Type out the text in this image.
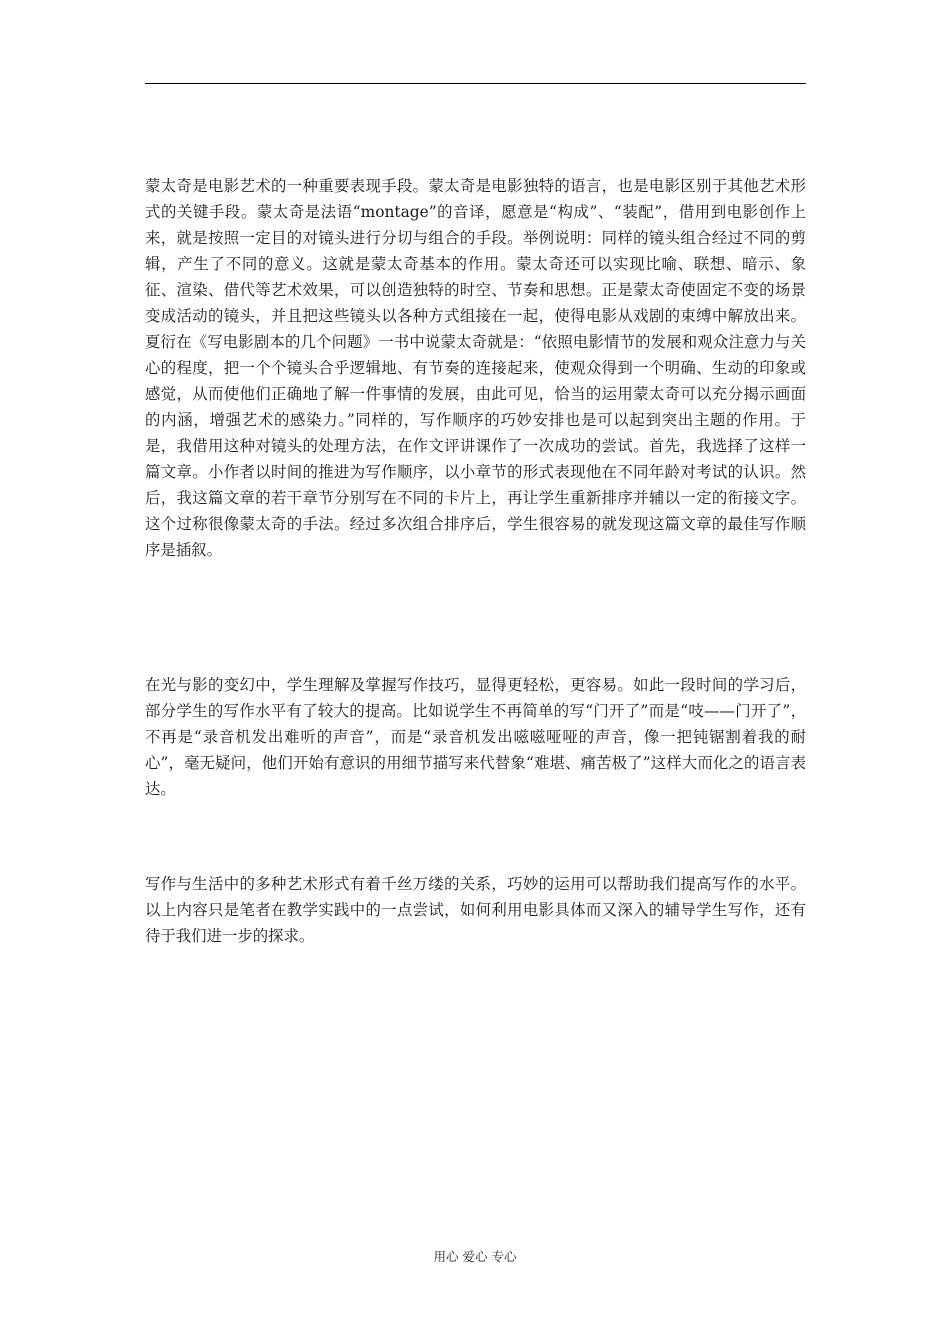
蒙太奇是电影艺术的一种重要表现手段。蒙太奇是电影独特的语言，也是电影区别于其他艺术形式的关键手段。蒙太奇是法语“montage”的音译，愿意是“构成”、“装配”，借用到电影创作上来，就是按照一定目的对镜头进行分切与组合的手段。举例说明：同样的镜头组合经过不同的剪辑，产生了不同的意义。这就是蒙太奇基本的作用。蒙太奇还可以实现比喻、联想、暗示、象征、渲染、借代等艺术效果，可以创造独特的时空、节奏和思想。正是蒙太奇使固定不变的场景变成活动的镜头，并且把这些镜头以各种方式组接在一起，使得电影从戏剧的束缚中解放出来。夏衍在《写电影剧本的几个问题》一书中说蒙太奇就是：“依照电影情节的发展和观众注意力与关心的程度，把一个个镜头合乎逻辑地、有节奏的连接起来，使观众得到一个明确、生动的印象或感觉，从而使他们正确地了解一件事情的发展，由此可见，恰当的运用蒙太奇可以充分揭示画面的内涵，增强艺术的感染力。”同样的，写作顺序的巧妙安排也是可以起到突出主题的作用。于是，我借用这种对镜头的处理方法，在作文评讲课作了一次成功的尝试。首先，我选择了这样一篇文章。小作者以时间的推进为写作顺序，以小章节的形式表现他在不同年龄对考试的认识。然后，我这篇文章的若干章节分别写在不同的卡片上，再让学生重新排序并辅以一定的衔接文字。这个过称很像蒙太奇的手法。经过多次组合排序后，学生很容易的就发现这篇文章的最佳写作顺序是插叙。

在光与影的变幻中，学生理解及掌握写作技巧，显得更轻松，更容易。如此一段时间的学习后，部分学生的写作水平有了较大的提高。比如说学生不再简单的写“门开了”而是“吱——门开了”，不再是“录音机发出难听的声音”，而是“录音机发出嗞嗞哑哑的声音，像一把钝锯割着我的耐心”，毫无疑问，他们开始有意识的用细节描写来代替象“难堪、痛苦极了”这样大而化之的语言表达。

写作与生活中的多种艺术形式有着千丝万缕的关系，巧妙的运用可以帮助我们提高写作的水平。以上内容只是笔者在教学实践中的一点尝试，如何利用电影具体而又深入的辅导学生写作，还有待于我们进一步的探求。

用心 爱心 专心
